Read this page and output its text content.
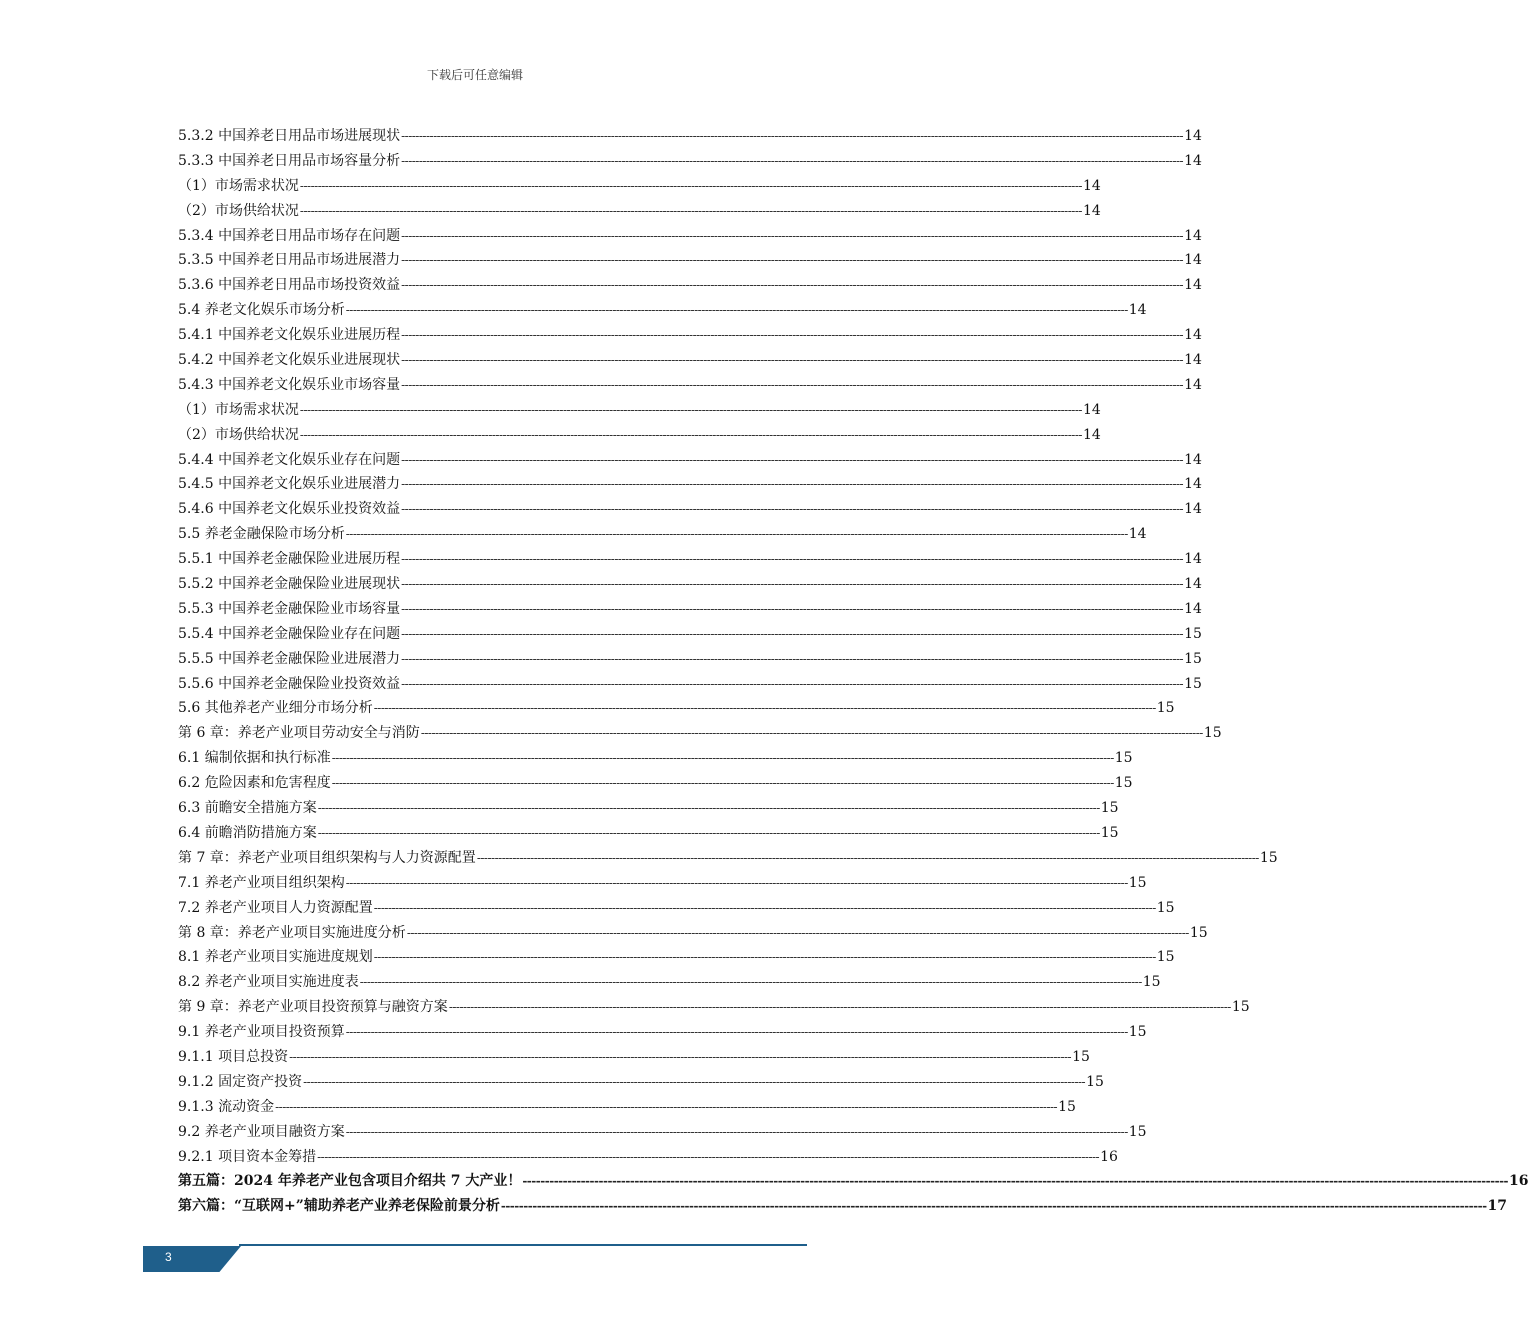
下载后可任意编辑
5.3.2 中国养老日用品市场进展现状 ---------------------------------------------------------------------------------------------------------------------------------------------------------------------------------------------------------------------------- 14
5.3.3 中国养老日用品市场容量分析 ---------------------------------------------------------------------------------------------------------------------------------------------------------------------------------------------------------------------------- 14
（1）市场需求状况 ---------------------------------------------------------------------------------------------------------------------------------------------------------------------------------------------------------------------------- 14
（2）市场供给状况 ---------------------------------------------------------------------------------------------------------------------------------------------------------------------------------------------------------------------------- 14
5.3.4 中国养老日用品市场存在问题 ---------------------------------------------------------------------------------------------------------------------------------------------------------------------------------------------------------------------------- 14
5.3.5 中国养老日用品市场进展潜力 ---------------------------------------------------------------------------------------------------------------------------------------------------------------------------------------------------------------------------- 14
5.3.6 中国养老日用品市场投资效益 ---------------------------------------------------------------------------------------------------------------------------------------------------------------------------------------------------------------------------- 14
5.4 养老文化娱乐市场分析 ---------------------------------------------------------------------------------------------------------------------------------------------------------------------------------------------------------------------------- 14
5.4.1 中国养老文化娱乐业进展历程 ---------------------------------------------------------------------------------------------------------------------------------------------------------------------------------------------------------------------------- 14
5.4.2 中国养老文化娱乐业进展现状 ---------------------------------------------------------------------------------------------------------------------------------------------------------------------------------------------------------------------------- 14
5.4.3 中国养老文化娱乐业市场容量 ---------------------------------------------------------------------------------------------------------------------------------------------------------------------------------------------------------------------------- 14
（1）市场需求状况 ---------------------------------------------------------------------------------------------------------------------------------------------------------------------------------------------------------------------------- 14
（2）市场供给状况 ---------------------------------------------------------------------------------------------------------------------------------------------------------------------------------------------------------------------------- 14
5.4.4 中国养老文化娱乐业存在问题 ---------------------------------------------------------------------------------------------------------------------------------------------------------------------------------------------------------------------------- 14
5.4.5 中国养老文化娱乐业进展潜力 ---------------------------------------------------------------------------------------------------------------------------------------------------------------------------------------------------------------------------- 14
5.4.6 中国养老文化娱乐业投资效益 ---------------------------------------------------------------------------------------------------------------------------------------------------------------------------------------------------------------------------- 14
5.5 养老金融保险市场分析 ---------------------------------------------------------------------------------------------------------------------------------------------------------------------------------------------------------------------------- 14
5.5.1 中国养老金融保险业进展历程 ---------------------------------------------------------------------------------------------------------------------------------------------------------------------------------------------------------------------------- 14
5.5.2 中国养老金融保险业进展现状 ---------------------------------------------------------------------------------------------------------------------------------------------------------------------------------------------------------------------------- 14
5.5.3 中国养老金融保险业市场容量 ---------------------------------------------------------------------------------------------------------------------------------------------------------------------------------------------------------------------------- 14
5.5.4 中国养老金融保险业存在问题 ---------------------------------------------------------------------------------------------------------------------------------------------------------------------------------------------------------------------------- 15
5.5.5 中国养老金融保险业进展潜力 ---------------------------------------------------------------------------------------------------------------------------------------------------------------------------------------------------------------------------- 15
5.5.6 中国养老金融保险业投资效益 ---------------------------------------------------------------------------------------------------------------------------------------------------------------------------------------------------------------------------- 15
5.6 其他养老产业细分市场分析 ---------------------------------------------------------------------------------------------------------------------------------------------------------------------------------------------------------------------------- 15
第 6 章：养老产业项目劳动安全与消防 ---------------------------------------------------------------------------------------------------------------------------------------------------------------------------------------------------------------------------- 15
6.1 编制依据和执行标准 ---------------------------------------------------------------------------------------------------------------------------------------------------------------------------------------------------------------------------- 15
6.2 危险因素和危害程度 ---------------------------------------------------------------------------------------------------------------------------------------------------------------------------------------------------------------------------- 15
6.3 前瞻安全措施方案 ---------------------------------------------------------------------------------------------------------------------------------------------------------------------------------------------------------------------------- 15
6.4 前瞻消防措施方案 ---------------------------------------------------------------------------------------------------------------------------------------------------------------------------------------------------------------------------- 15
第 7 章：养老产业项目组织架构与人力资源配置 ---------------------------------------------------------------------------------------------------------------------------------------------------------------------------------------------------------------------------- 15
7.1 养老产业项目组织架构 ---------------------------------------------------------------------------------------------------------------------------------------------------------------------------------------------------------------------------- 15
7.2 养老产业项目人力资源配置 ---------------------------------------------------------------------------------------------------------------------------------------------------------------------------------------------------------------------------- 15
第 8 章：养老产业项目实施进度分析 ---------------------------------------------------------------------------------------------------------------------------------------------------------------------------------------------------------------------------- 15
8.1 养老产业项目实施进度规划 ---------------------------------------------------------------------------------------------------------------------------------------------------------------------------------------------------------------------------- 15
8.2 养老产业项目实施进度表 ---------------------------------------------------------------------------------------------------------------------------------------------------------------------------------------------------------------------------- 15
第 9 章：养老产业项目投资预算与融资方案 ---------------------------------------------------------------------------------------------------------------------------------------------------------------------------------------------------------------------------- 15
9.1 养老产业项目投资预算 ---------------------------------------------------------------------------------------------------------------------------------------------------------------------------------------------------------------------------- 15
9.1.1 项目总投资 ---------------------------------------------------------------------------------------------------------------------------------------------------------------------------------------------------------------------------- 15
9.1.2 固定资产投资 ---------------------------------------------------------------------------------------------------------------------------------------------------------------------------------------------------------------------------- 15
9.1.3 流动资金 ---------------------------------------------------------------------------------------------------------------------------------------------------------------------------------------------------------------------------- 15
9.2 养老产业项目融资方案 ---------------------------------------------------------------------------------------------------------------------------------------------------------------------------------------------------------------------------- 15
9.2.1 项目资本金筹措 ---------------------------------------------------------------------------------------------------------------------------------------------------------------------------------------------------------------------------- 16
第五篇：2024 年养老产业包含项目介绍共 7 大产业！ ---------------------------------------------------------------------------------------------------------------------------------------------------------------------------------------------------------------------------- 16
第六篇：“互联网+”辅助养老产业养老保险前景分析 ---------------------------------------------------------------------------------------------------------------------------------------------------------------------------------------------------------------------------- 17
3
